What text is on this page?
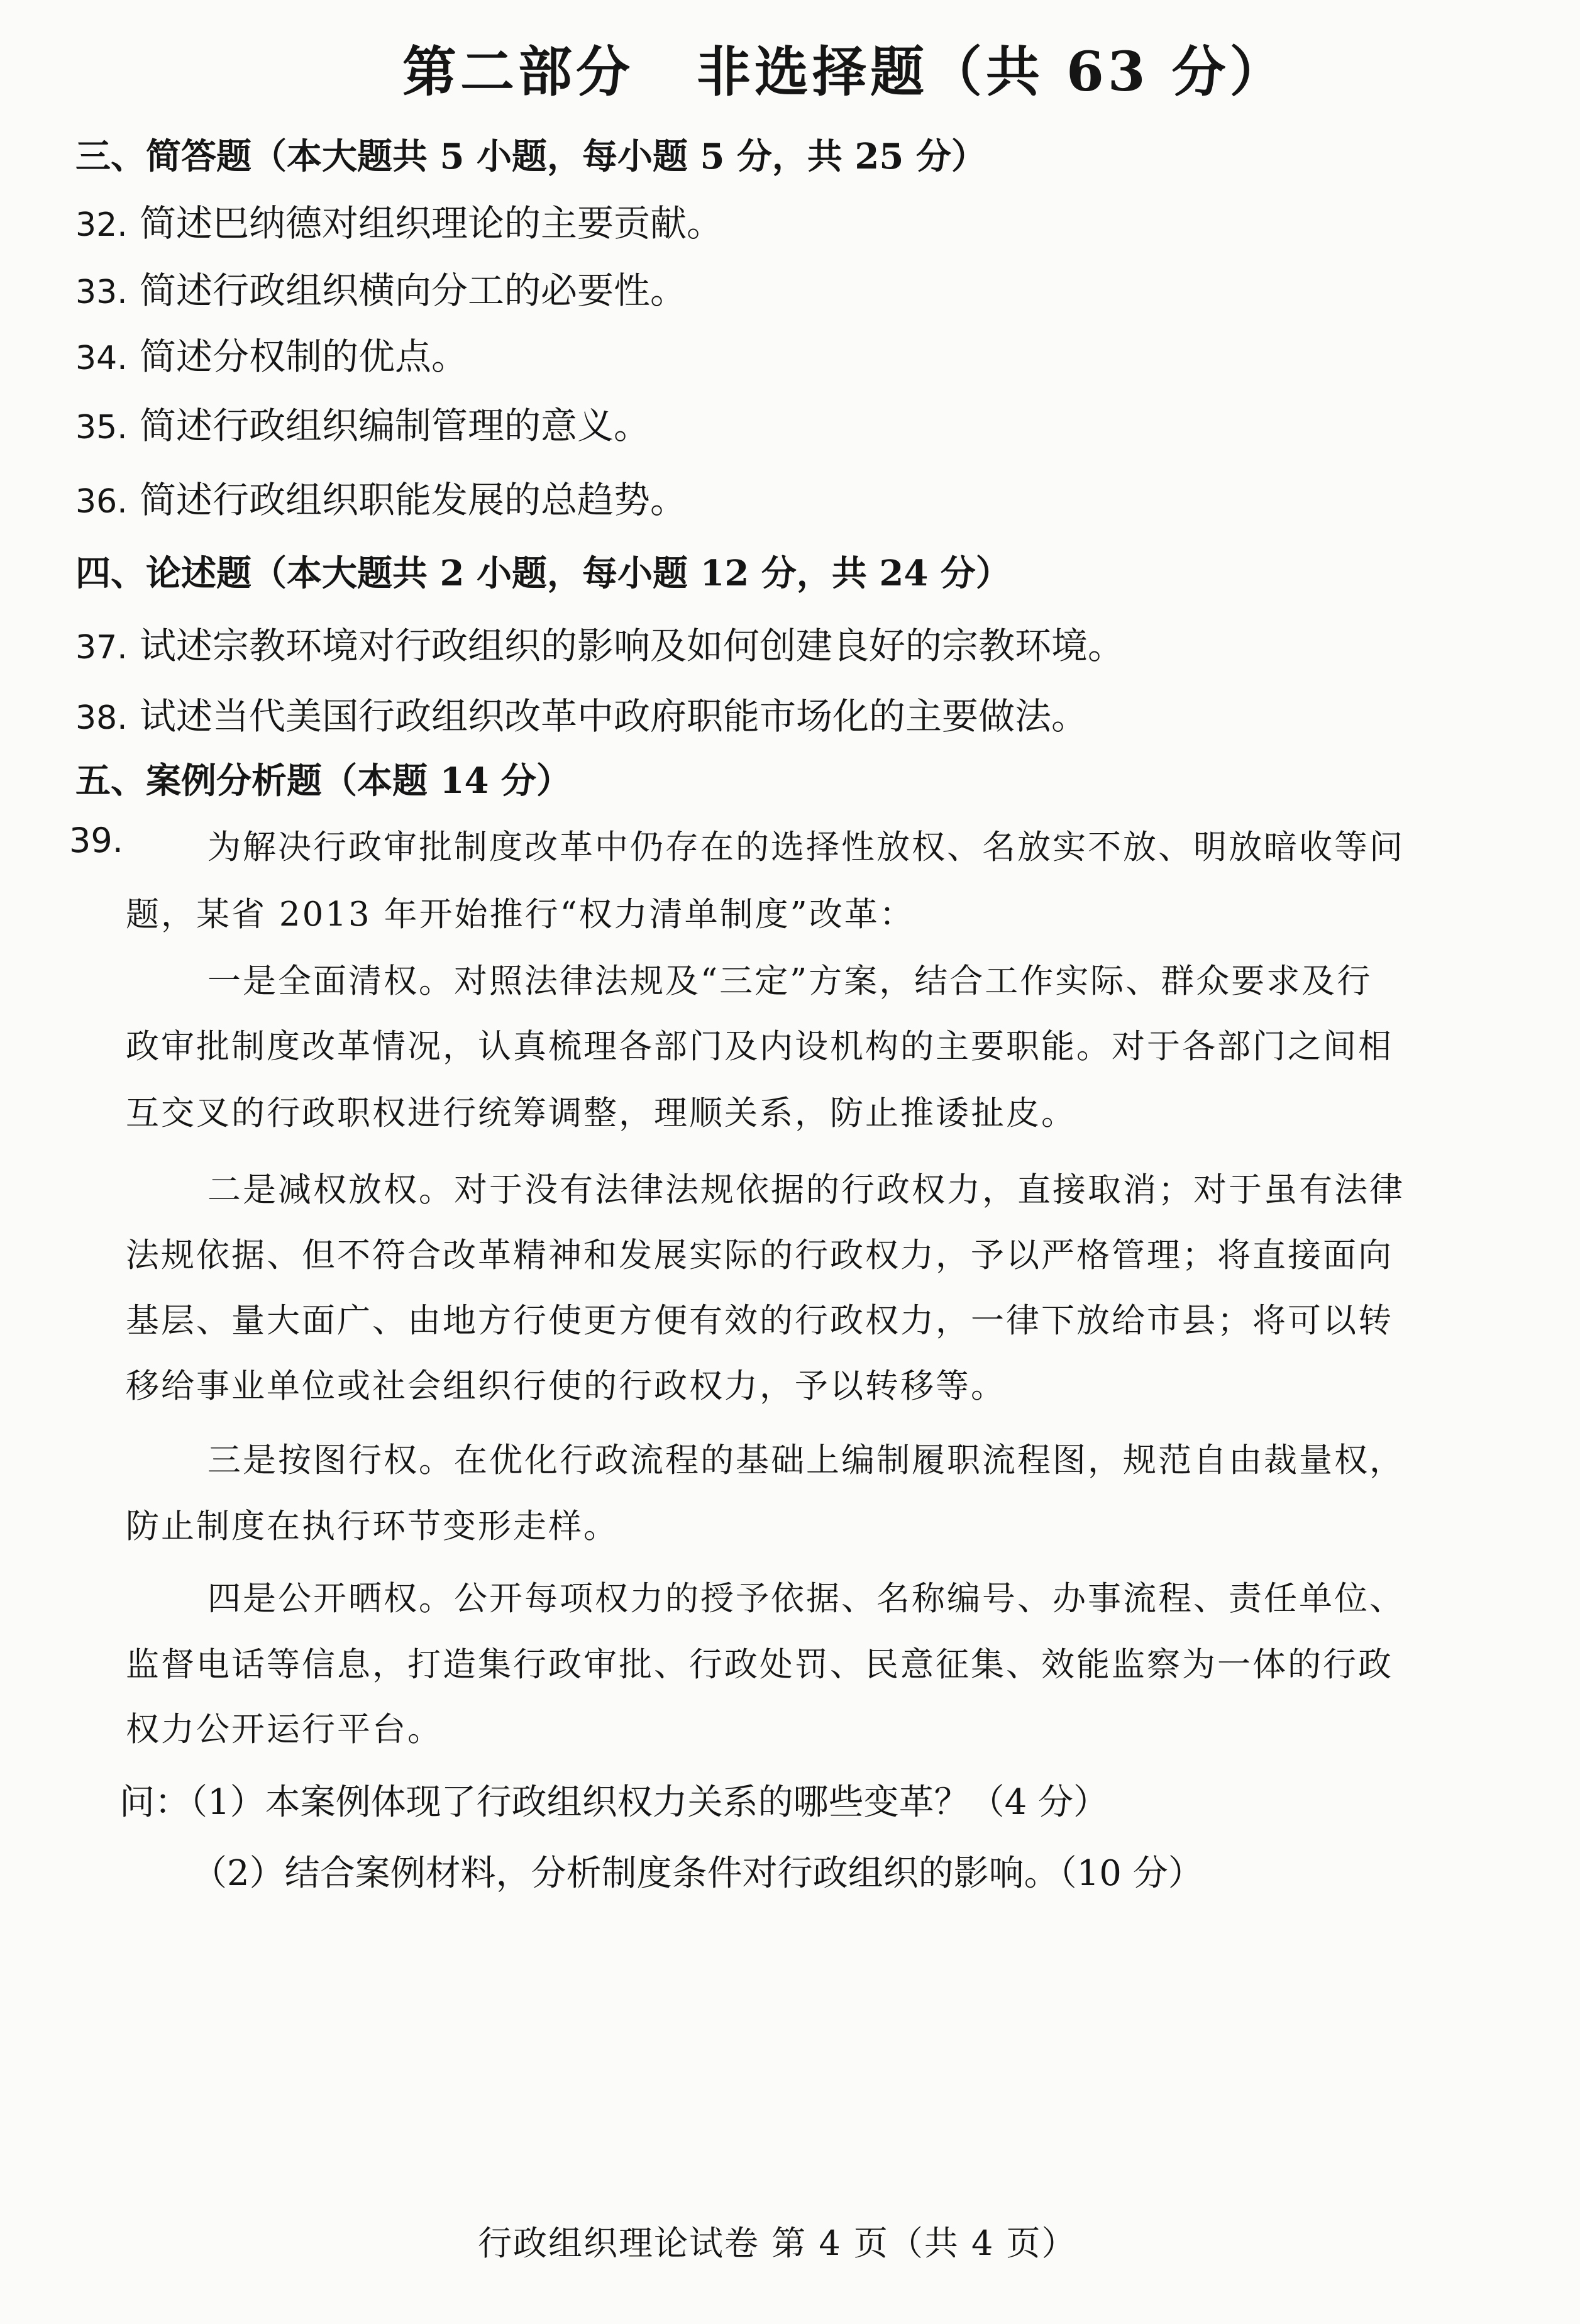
第二部分 非选择题（共 63 分）
三、简答题（本大题共 5 小题，每小题 5 分，共 25 分）
32. 简述巴纳德对组织理论的主要贡献。
33. 简述行政组织横向分工的必要性。
34. 简述分权制的优点。
35. 简述行政组织编制管理的意义。
36. 简述行政组织职能发展的总趋势。
四、论述题（本大题共 2 小题，每小题 12 分，共 24 分）
37. 试述宗教环境对行政组织的影响及如何创建良好的宗教环境。
38. 试述当代美国行政组织改革中政府职能市场化的主要做法。
五、案例分析题（本题 14 分）
39.	为解决行政审批制度改革中仍存在的选择性放权、名放实不放、明放暗收等问
题，某省 2013 年开始推行“权力清单制度”改革：
一是全面清权。对照法律法规及“三定”方案，结合工作实际、群众要求及行
政审批制度改革情况，认真梳理各部门及内设机构的主要职能。对于各部门之间相
互交叉的行政职权进行统筹调整，理顺关系，防止推诿扯皮。
二是减权放权。对于没有法律法规依据的行政权力，直接取消；对于虽有法律
法规依据、但不符合改革精神和发展实际的行政权力，予以严格管理；将直接面向
基层、量大面广、由地方行使更方便有效的行政权力，一律下放给市县；将可以转
移给事业单位或社会组织行使的行政权力，予以转移等。
三是按图行权。在优化行政流程的基础上编制履职流程图，规范自由裁量权，
防止制度在执行环节变形走样。
四是公开晒权。公开每项权力的授予依据、名称编号、办事流程、责任单位、
监督电话等信息，打造集行政审批、行政处罚、民意征集、效能监察为一体的行政
权力公开运行平台。
问：（1）本案例体现了行政组织权力关系的哪些变革？（4 分）
（2）结合案例材料，分析制度条件对行政组织的影响。（10 分）
行政组织理论试卷 第 4 页（共 4 页）
